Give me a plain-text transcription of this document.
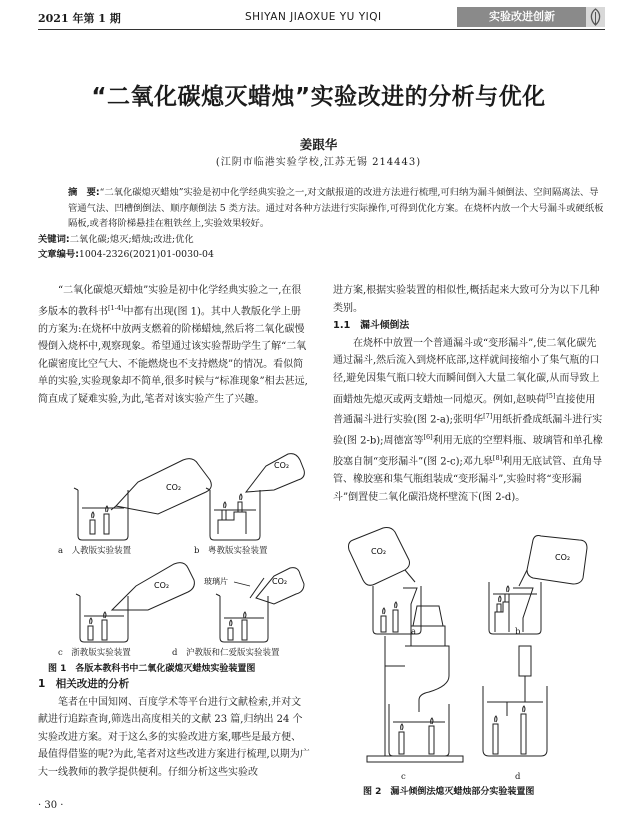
2021 年第 1 期	SHIYAN JIAOXUE YU YIQI	实验改进创新
“二氧化碳熄灭蜡烛”实验改进的分析与优化
姜跟华
(江阴市临港实验学校,江苏无锡 214443)
摘　要:“二氧化碳熄灭蜡烛”实验是初中化学经典实验之一,对文献报道的改进方法进行梳理,可归纳为漏斗倾倒法、空间隔离法、导管通气法、凹槽倒倒法、顺序颠倒法 5 类方法。通过对各种方法进行实际操作,可得到优化方案。在烧杯内放一个大号漏斗或硬纸板隔板,或者将阶梯悬挂在粗铁丝上,实验效果较好。
关键词:二氧化碳;熄灭;蜡烛;改进;优化
文章编号:1004-2326(2021)01-0030-04

“二氧化碳熄灭蜡烛”实验是初中化学经典实验之一,在很多版本的教科书[1-4]中都有出现(图 1)。其中人教版化学上册的方案为:在烧杯中放两支燃着的阶梯蜡烛,然后将二氧化碳慢慢倒入烧杯中,观察现象。希望通过该实验帮助学生了解“二氧化碳密度比空气大、不能燃烧也不支持燃烧”的情况。看似简单的实验,实验现象却不简单,很多时候与“标准现象”相去甚远,简直成了疑难实验,为此,笔者对该实验产生了兴趣。

CO₂
CO₂
CO₂	CO₂
玻璃片
a　人教版实验装置	b　粤教版实验装置
c　浙教版实验装置	d　沪教版和仁爱版实验装置
图 1　各版本教科书中二氧化碳熄灭蜡烛实验装置图
1　相关改进的分析

笔者在中国知网、百度学术等平台进行文献检索,并对文献进行追踪查询,筛选出高度相关的文献 23 篇,归纳出 24 个实验改进方案。对于这么多的实验改进方案,哪些是最方便、最值得借鉴的呢?为此,笔者对这些改进方案进行梳理,以期为广大一线教师的教学提供便利。仔细分析这些实验改

进方案,根据实验装置的相似性,概括起来大致可分为以下几种类别。
1.1　漏斗倾倒法

在烧杯中放置一个普通漏斗或“变形漏斗”,使二氧化碳先通过漏斗,然后流入到烧杯底部,这样就间接缩小了集气瓶的口径,避免因集气瓶口较大而瞬间倒入大量二氧化碳,从而导致上面蜡烛先熄灭或两支蜡烛一同熄灭。例如,赵映荷[5]直接使用普通漏斗进行实验(图 2-a);张明华[7]用纸折叠成纸漏斗进行实验(图 2-b);周德富等[6]利用无底的空塑料瓶、玻璃管和单孔橡胶塞自制“变形漏斗”(图 2-c);邓九皋[8]利用无底试管、直角导管、橡胶塞和集气瓶组装成“变形漏斗”,实验时将“变形漏斗”倒置使二氧化碳沿烧杯壁流下(图 2-d)。

CO₂
CO₂
a	b
c	d
图 2　漏斗倾倒法熄灭蜡烛部分实验装置图
· 30 ·
